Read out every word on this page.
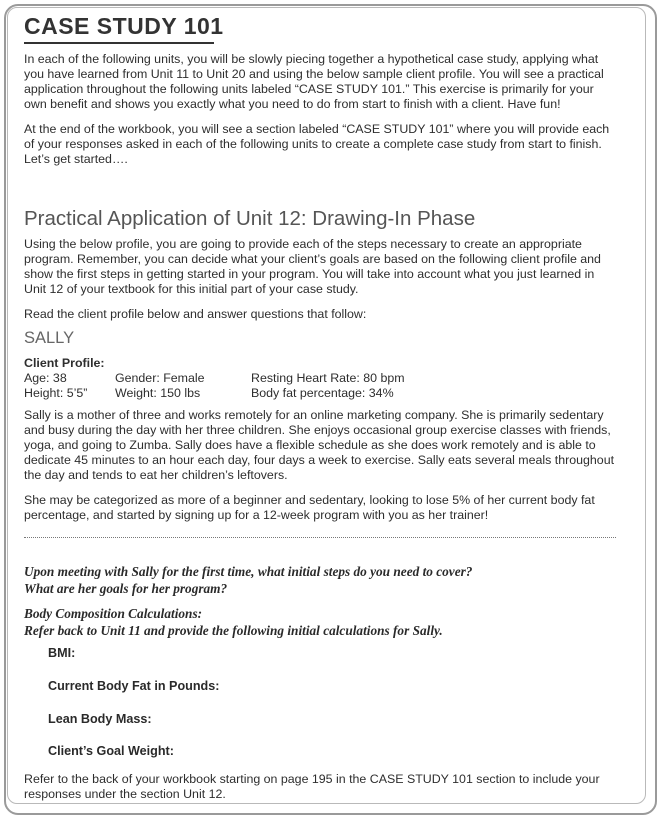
CASE STUDY 101
In each of the following units, you will be slowly piecing together a hypothetical case study, applying what
you have learned from Unit 11 to Unit 20 and using the below sample client profile. You will see a practical
application throughout the following units labeled “CASE STUDY 101.” This exercise is primarily for your
own benefit and shows you exactly what you need to do from start to finish with a client. Have fun!
At the end of the workbook, you will see a section labeled “CASE STUDY 101” where you will provide each
of your responses asked in each of the following units to create a complete case study from start to finish.
Let’s get started….
Practical Application of Unit 12: Drawing-In Phase
Using the below profile, you are going to provide each of the steps necessary to create an appropriate
program. Remember, you can decide what your client’s goals are based on the following client profile and
show the first steps in getting started in your program. You will take into account what you just learned in
Unit 12 of your textbook for this initial part of your case study.
Read the client profile below and answer questions that follow:
SALLY
Client Profile:
Age: 38	Gender: Female	Resting Heart Rate: 80 bpm
Height: 5’5” Weight: 150 lbs	Body fat percentage: 34%
Sally is a mother of three and works remotely for an online marketing company. She is primarily sedentary
and busy during the day with her three children. She enjoys occasional group exercise classes with friends,
yoga, and going to Zumba. Sally does have a flexible schedule as she does work remotely and is able to
dedicate 45 minutes to an hour each day, four days a week to exercise. Sally eats several meals throughout
the day and tends to eat her children’s leftovers.
She may be categorized as more of a beginner and sedentary, looking to lose 5% of her current body fat
percentage, and started by signing up for a 12-week program with you as her trainer!
Upon meeting with Sally for the first time, what initial steps do you need to cover?
What are her goals for her program?
Body Composition Calculations:
Refer back to Unit 11 and provide the following initial calculations for Sally.
BMI:
Current Body Fat in Pounds:
Lean Body Mass:
Client’s Goal Weight:
Refer to the back of your workbook starting on page 195 in the CASE STUDY 101 section to include your
responses under the section Unit 12.
